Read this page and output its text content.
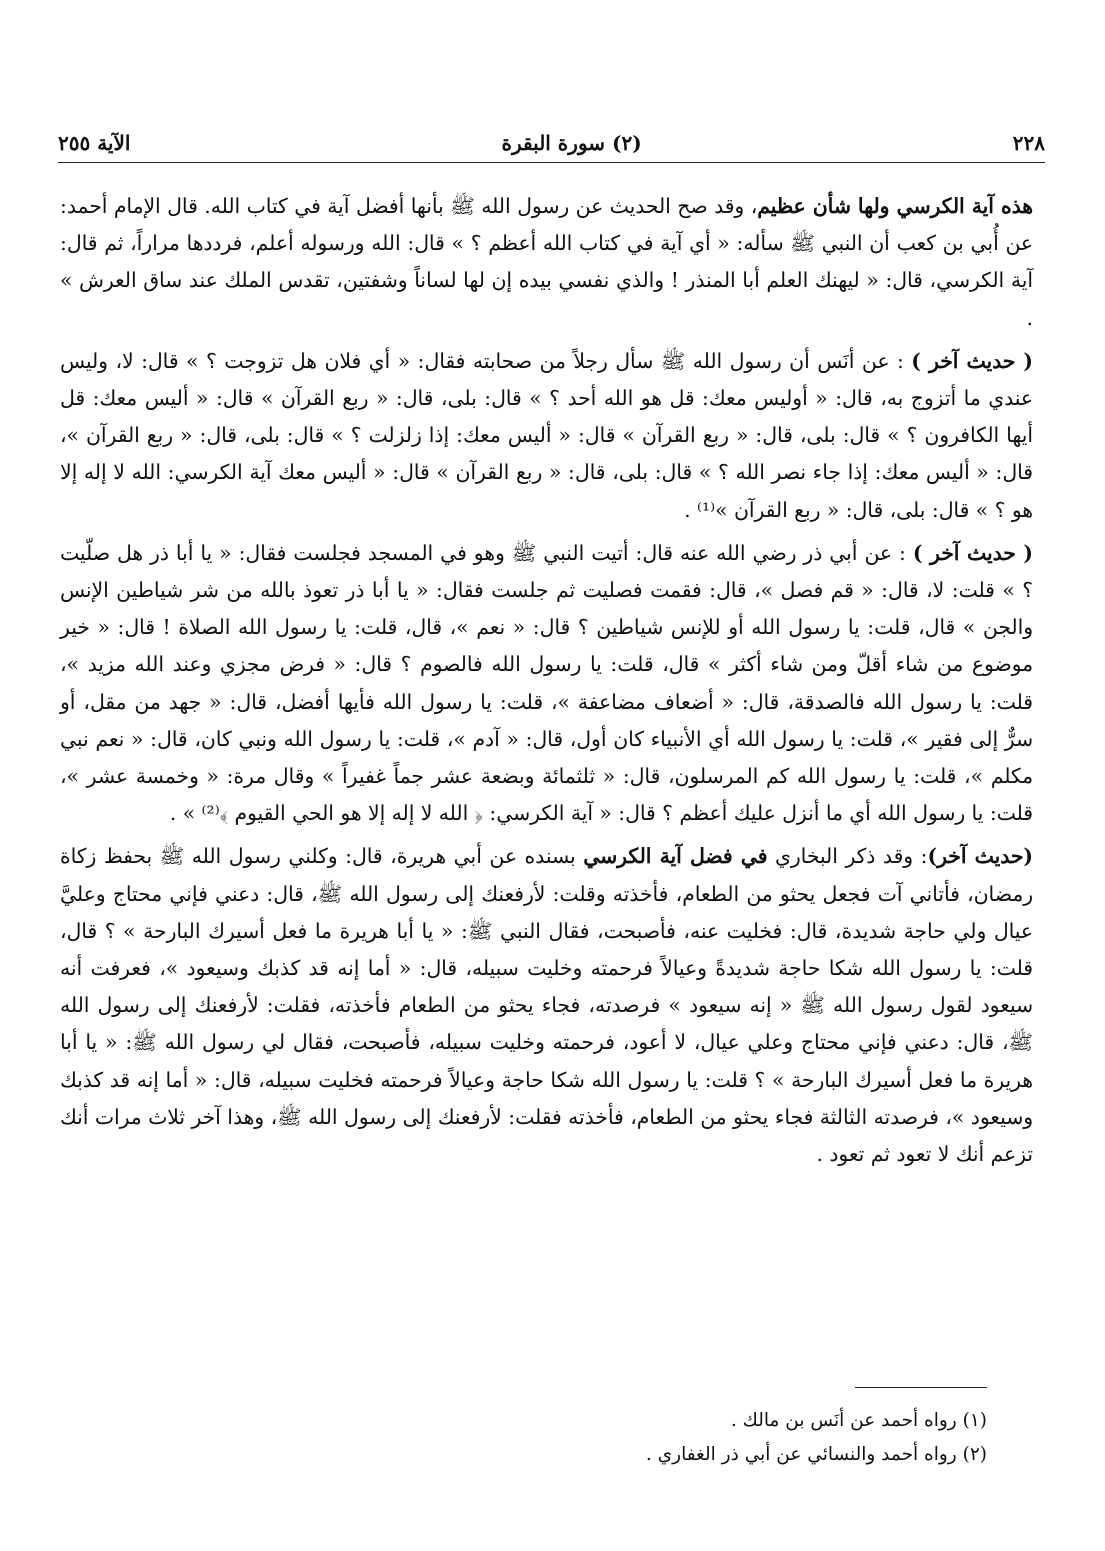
٢٢٨
(٢) سورة البقرة
الآية ٢٥٥

هذه آية الكرسي ولها شأن عظيم، وقد صح الحديث عن رسول الله ﷺ بأنها أفضل آية في كتاب الله. قال الإمام أحمد: عن أُبي بن كعب أن النبي ﷺ سأله: « أي آية في كتاب الله أعظم ؟ » قال: الله ورسوله أعلم، فرددها مراراً، ثم قال: آية الكرسي، قال: « ليهنك العلم أبا المنذر ! والذي نفسي بيده إن لها لساناً وشفتين، تقدس الملك عند ساق العرش » .

( حديث آخر ) : عن أنَس أن رسول الله ﷺ سأل رجلاً من صحابته فقال: « أي فلان هل تزوجت ؟ » قال: لا، وليس عندي ما أتزوج به، قال: « أوليس معك: قل هو الله أحد ؟ » قال: بلى، قال: « ربع القرآن » قال: « أليس معك: قل أيها الكافرون ؟ » قال: بلى، قال: « ربع القرآن » قال: « أليس معك: إذا زلزلت ؟ » قال: بلى، قال: « ربع القرآن »، قال: « أليس معك: إذا جاء نصر الله ؟ » قال: بلى، قال: « ربع القرآن » قال: « أليس معك آية الكرسي: الله لا إله إلا هو ؟ » قال: بلى، قال: « ربع القرآن »⁽¹⁾ .

( حديث آخر ) : عن أبي ذر رضي الله عنه قال: أتيت النبي ﷺ وهو في المسجد فجلست فقال: « يا أبا ذر هل صلّيت ؟ » قلت: لا، قال: « قم فصل »، قال: فقمت فصليت ثم جلست فقال: « يا أبا ذر تعوذ بالله من شر شياطين الإنس والجن » قال، قلت: يا رسول الله أو للإنس شياطين ؟ قال: « نعم »، قال، قلت: يا رسول الله الصلاة ! قال: « خير موضوع من شاء أقلّ ومن شاء أكثر » قال، قلت: يا رسول الله فالصوم ؟ قال: « فرض مجزي وعند الله مزيد »، قلت: يا رسول الله فالصدقة، قال: « أضعاف مضاعفة »، قلت: يا رسول الله فأيها أفضل، قال: « جهد من مقل، أو سرٌّ إلى فقير »، قلت: يا رسول الله أي الأنبياء كان أول، قال: « آدم »، قلت: يا رسول الله ونبي كان، قال: « نعم نبي مكلم »، قلت: يا رسول الله كم المرسلون، قال: « ثلثمائة وبضعة عشر جماً غفيراً » وقال مرة: « وخمسة عشر »، قلت: يا رسول الله أي ما أنزل عليك أعظم ؟ قال: « آية الكرسي: ﴿ الله لا إله إلا هو الحي القيوم ﴾⁽²⁾ » .

(حديث آخر): وقد ذكر البخاري في فضل آية الكرسي بسنده عن أبي هريرة، قال: وكلني رسول الله ﷺ بحفظ زكاة رمضان، فأتاني آت فجعل يحثو من الطعام، فأخذته وقلت: لأرفعنك إلى رسول الله ﷺ، قال: دعني فإني محتاج وعليَّ عيال ولي حاجة شديدة، قال: فخليت عنه، فأصبحت، فقال النبي ﷺ: « يا أبا هريرة ما فعل أسيرك البارحة » ؟ قال، قلت: يا رسول الله شكا حاجة شديدةً وعيالاً فرحمته وخليت سبيله، قال: « أما إنه قد كذبك وسيعود »، فعرفت أنه سيعود لقول رسول الله ﷺ « إنه سيعود » فرصدته، فجاء يحثو من الطعام فأخذته، فقلت: لأرفعنك إلى رسول الله ﷺ، قال: دعني فإني محتاج وعلي عيال، لا أعود، فرحمته وخليت سبيله، فأصبحت، فقال لي رسول الله ﷺ: « يا أبا هريرة ما فعل أسيرك البارحة » ؟ قلت: يا رسول الله شكا حاجة وعيالاً فرحمته فخليت سبيله، قال: « أما إنه قد كذبك وسيعود »، فرصدته الثالثة فجاء يحثو من الطعام، فأخذته فقلت: لأرفعنك إلى رسول الله ﷺ، وهذا آخر ثلاث مرات أنك تزعم أنك لا تعود ثم تعود .

(١) رواه أحمد عن أنَس بن مالك .

(٢) رواه أحمد والنسائي عن أبي ذر الغفاري .
